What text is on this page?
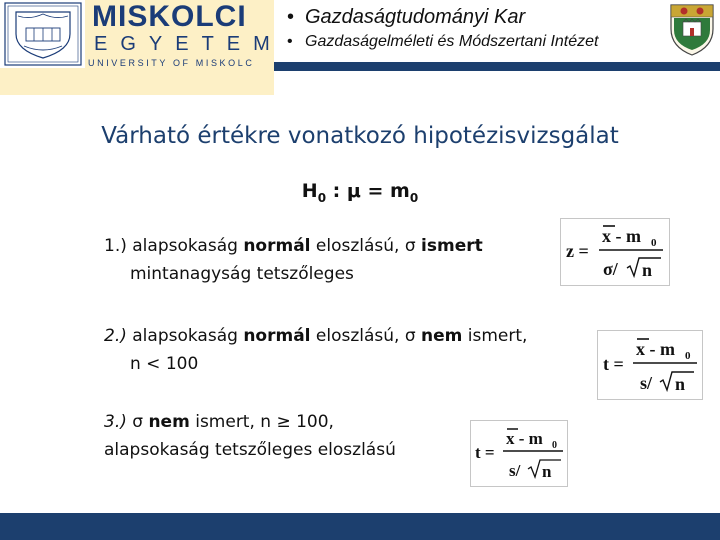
MISKOLCI
EGYETEM
UNIVERSITY OF MISKOLC
• Gazdaságtudományi Kar
• Gazdaságelméleti és Módszertani Intézet
Várható értékre vonatkozó hipotézisvizsgálat
$H_0$ : $\mu = m_0$
1.) alapsokaság normál eloszlású, σ ismert
mintanagyság tetszőleges
2.) alapsokaság normál eloszlású, σ nem ismert,
n < 100
3.) σ nem ismert, n ≥ 100,
alapsokaság tetszőleges eloszlású
z =
x - m 0
σ/ n
t =
x - m 0
s/ n
t =
x - m 0
s/ n
